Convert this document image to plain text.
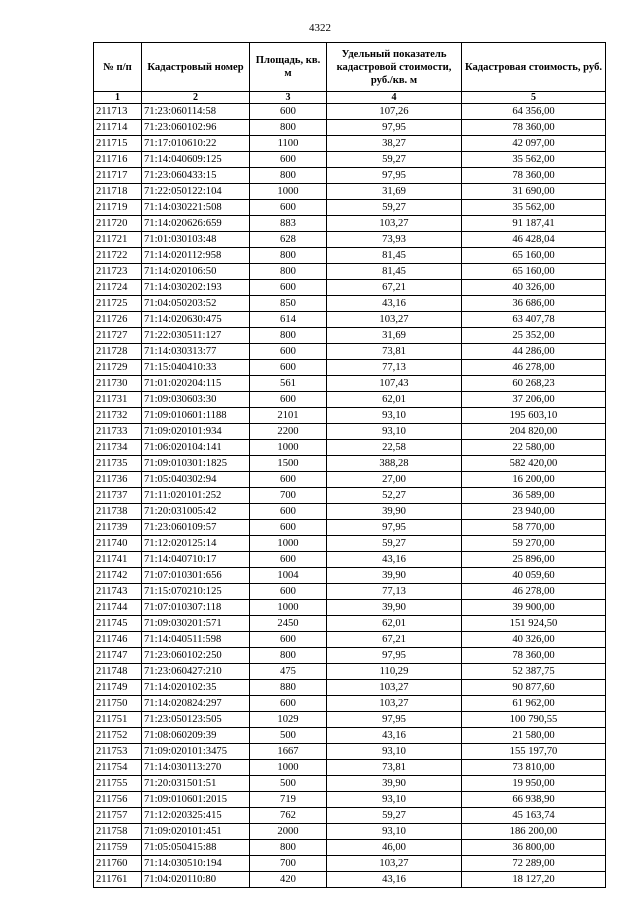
4322
№ п/п	Кадастровый номер	Площадь, кв. м	Удельный показатель кадастровой стоимости, руб./кв. м	Кадастровая стоимость, руб.
1	2	3	4	5
211713	71:23:060114:58	600	107,26	64 356,00
211714	71:23:060102:96	800	97,95	78 360,00
211715	71:17:010610:22	1100	38,27	42 097,00
211716	71:14:040609:125	600	59,27	35 562,00
211717	71:23:060433:15	800	97,95	78 360,00
211718	71:22:050122:104	1000	31,69	31 690,00
211719	71:14:030221:508	600	59,27	35 562,00
211720	71:14:020626:659	883	103,27	91 187,41
211721	71:01:030103:48	628	73,93	46 428,04
211722	71:14:020112:958	800	81,45	65 160,00
211723	71:14:020106:50	800	81,45	65 160,00
211724	71:14:030202:193	600	67,21	40 326,00
211725	71:04:050203:52	850	43,16	36 686,00
211726	71:14:020630:475	614	103,27	63 407,78
211727	71:22:030511:127	800	31,69	25 352,00
211728	71:14:030313:77	600	73,81	44 286,00
211729	71:15:040410:33	600	77,13	46 278,00
211730	71:01:020204:115	561	107,43	60 268,23
211731	71:09:030603:30	600	62,01	37 206,00
211732	71:09:010601:1188	2101	93,10	195 603,10
211733	71:09:020101:934	2200	93,10	204 820,00
211734	71:06:020104:141	1000	22,58	22 580,00
211735	71:09:010301:1825	1500	388,28	582 420,00
211736	71:05:040302:94	600	27,00	16 200,00
211737	71:11:020101:252	700	52,27	36 589,00
211738	71:20:031005:42	600	39,90	23 940,00
211739	71:23:060109:57	600	97,95	58 770,00
211740	71:12:020125:14	1000	59,27	59 270,00
211741	71:14:040710:17	600	43,16	25 896,00
211742	71:07:010301:656	1004	39,90	40 059,60
211743	71:15:070210:125	600	77,13	46 278,00
211744	71:07:010307:118	1000	39,90	39 900,00
211745	71:09:030201:571	2450	62,01	151 924,50
211746	71:14:040511:598	600	67,21	40 326,00
211747	71:23:060102:250	800	97,95	78 360,00
211748	71:23:060427:210	475	110,29	52 387,75
211749	71:14:020102:35	880	103,27	90 877,60
211750	71:14:020824:297	600	103,27	61 962,00
211751	71:23:050123:505	1029	97,95	100 790,55
211752	71:08:060209:39	500	43,16	21 580,00
211753	71:09:020101:3475	1667	93,10	155 197,70
211754	71:14:030113:270	1000	73,81	73 810,00
211755	71:20:031501:51	500	39,90	19 950,00
211756	71:09:010601:2015	719	93,10	66 938,90
211757	71:12:020325:415	762	59,27	45 163,74
211758	71:09:020101:451	2000	93,10	186 200,00
211759	71:05:050415:88	800	46,00	36 800,00
211760	71:14:030510:194	700	103,27	72 289,00
211761	71:04:020110:80	420	43,16	18 127,20
